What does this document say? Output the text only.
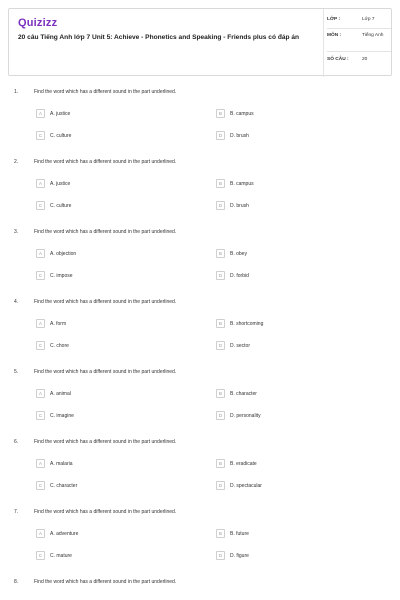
Quizizz
20 câu Tiếng Anh lớp 7 Unit 5: Achieve - Phonetics and Speaking - Friends plus có đáp án
LỚP :	Lớp 7
MÔN :	Tiếng Anh
SỐ CÂU :	20
1.	Find the word which has a different sound in the part underlined.
A	A. justice	B	B. campus
C	C. culture	D	D. brush
2.	Find the word which has a different sound in the part underlined.
A	A. justice	B	B. campus
C	C. culture	D	D. brush
3.	Find the word which has a different sound in the part underlined.
A	A. objection	B	B. obey
C	C. impose	D	D. forbid
4.	Find the word which has a different sound in the part underlined.
A	A. form	B	B. shortcoming
C	C. chore	D	D. sector
5.	Find the word which has a different sound in the part underlined.
A	A. animal	B	B. character
C	C. imagine	D	D. personality
6.	Find the word which has a different sound in the part underlined.
A	A. malaria	B	B. eradicate
C	C. character	D	D. spectacular
7.	Find the word which has a different sound in the part underlined.
A	A. adventure	B	B. future
C	C. mature	D	D. figure
8.	Find the word which has a different sound in the part underlined.
